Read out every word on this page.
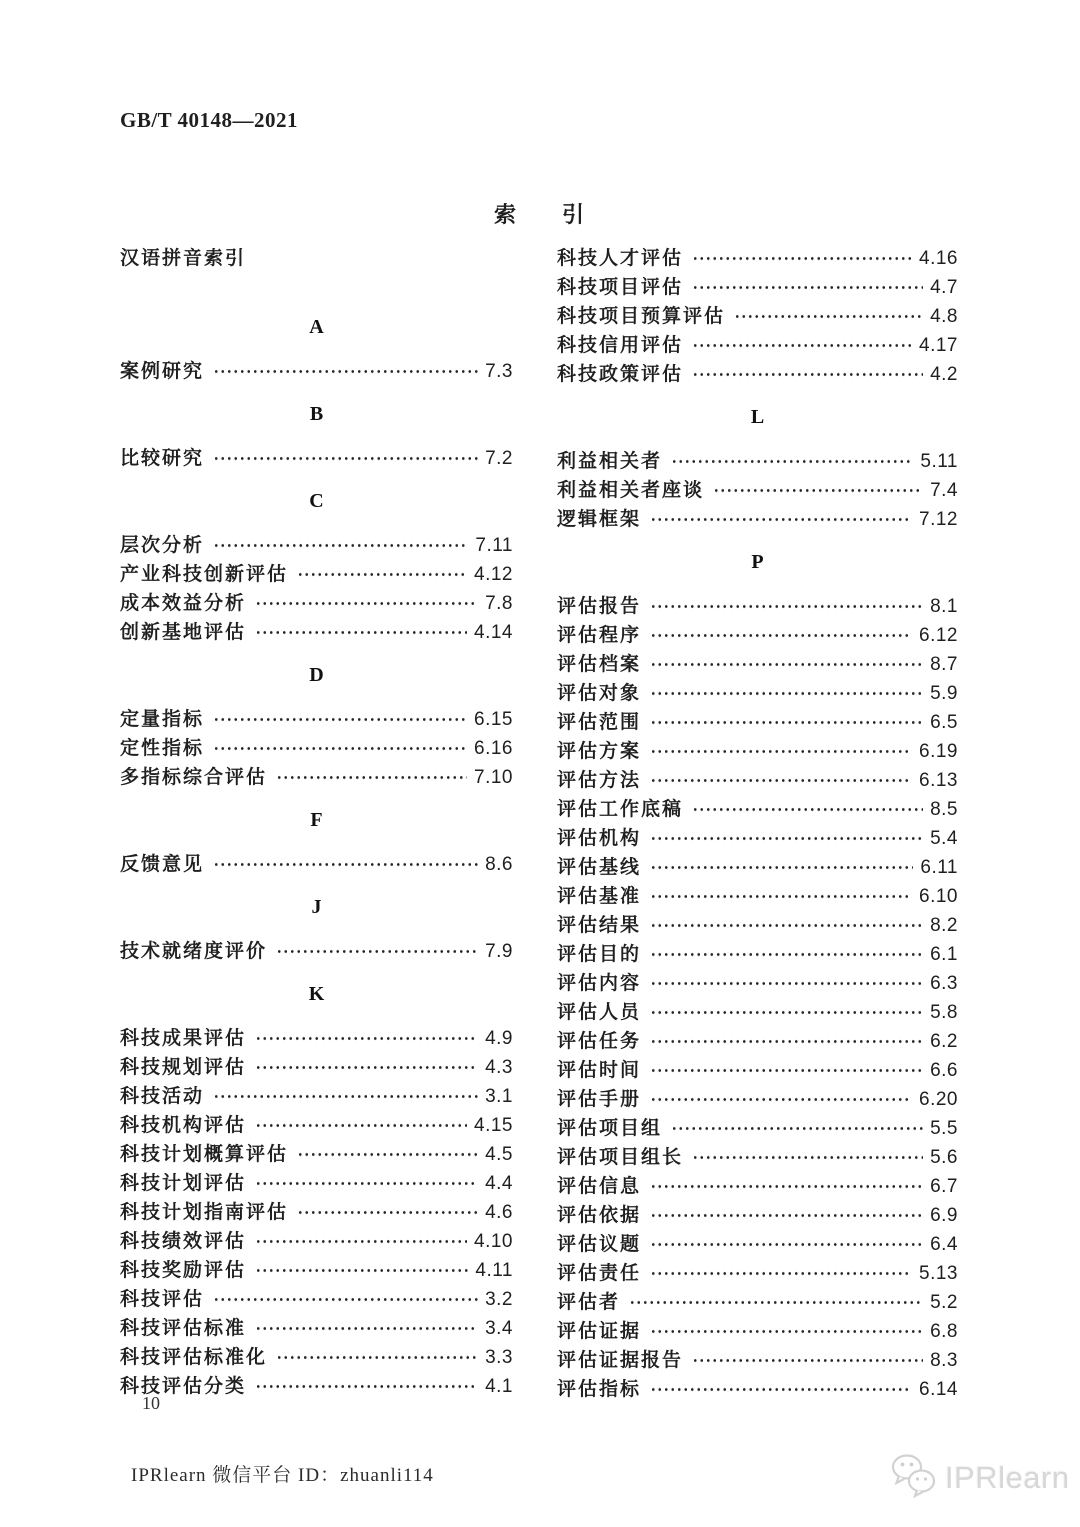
GB/T 40148—2021
索 引
汉语拼音索引
A
案例研究	7.3
B
比较研究	7.2
C
层次分析	7.11
产业科技创新评估	4.12
成本效益分析	7.8
创新基地评估	4.14
D
定量指标	6.15
定性指标	6.16
多指标综合评估	7.10
F
反馈意见	8.6
J
技术就绪度评价	7.9
K
科技成果评估	4.9
科技规划评估	4.3
科技活动	3.1
科技机构评估	4.15
科技计划概算评估	4.5
科技计划评估	4.4
科技计划指南评估	4.6
科技绩效评估	4.10
科技奖励评估	4.11
科技评估	3.2
科技评估标准	3.4
科技评估标准化	3.3
科技评估分类	4.1
科技人才评估	4.16
科技项目评估	4.7
科技项目预算评估	4.8
科技信用评估	4.17
科技政策评估	4.2
L
利益相关者	5.11
利益相关者座谈	7.4
逻辑框架	7.12
P
评估报告	8.1
评估程序	6.12
评估档案	8.7
评估对象	5.9
评估范围	6.5
评估方案	6.19
评估方法	6.13
评估工作底稿	8.5
评估机构	5.4
评估基线	6.11
评估基准	6.10
评估结果	8.2
评估目的	6.1
评估内容	6.3
评估人员	5.8
评估任务	6.2
评估时间	6.6
评估手册	6.20
评估项目组	5.5
评估项目组长	5.6
评估信息	6.7
评估依据	6.9
评估议题	6.4
评估责任	5.13
评估者	5.2
评估证据	6.8
评估证据报告	8.3
评估指标	6.14
10
IPRlearn 微信平台 ID：zhuanli114	IPRlearn
